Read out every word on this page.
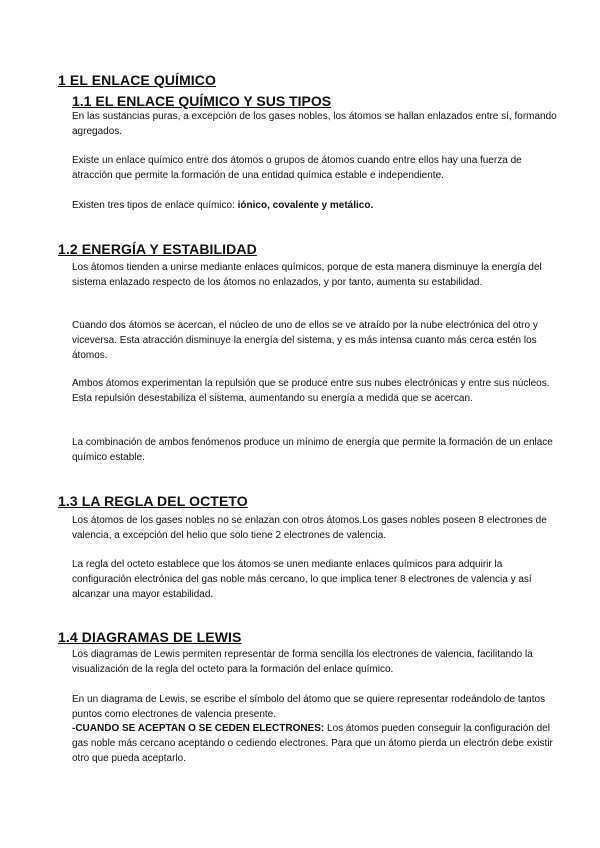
1 EL ENLACE QUÍMICO
1.1 EL ENLACE QUÍMICO Y SUS TIPOS

En las sustancias puras, a excepción de los gases nobles, los átomos se hallan enlazados entre sí, formando agregados.

Existe un enlace químico entre dos átomos o grupos de átomos cuando entre ellos hay una fuerza de atracción que permite la formación de una entidad química estable e independiente.

Existen tres tipos de enlace químico: iónico, covalente y metálico.

1.2 ENERGÍA Y ESTABILIDAD

Los átomos tienden a unirse mediante enlaces químicos, porque de esta manera disminuye la energía del sistema enlazado respecto de los átomos no enlazados, y por tanto, aumenta su estabilidad.

Cuando dos átomos se acercan, el núcleo de uno de ellos se ve atraído por la nube electrónica del otro y viceversa. Esta atracción disminuye la energía del sistema, y es más intensa cuanto más cerca estén los átomos.

Ambos átomos experimentan la repulsión que se produce entre sus nubes electrónicas y entre sus núcleos. Esta repulsión desestabiliza el sistema, aumentando su energía a medida que se acercan.

La combinación de ambos fenómenos produce un mínimo de energía que permite la formación de un enlace químico estable.

1.3 LA REGLA DEL OCTETO

Los átomos de los gases nobles no se enlazan con otros átomos.Los gases nobles poseen 8 electrones de valencia, a excepción del helio que solo tiene 2 electrones de valencia.

La regla del octeto establece que los átomos se unen mediante enlaces químicos para adquirir la configuración electrónica del gas noble más cercano, lo que implica tener 8 electrones de valencia y así alcanzar una mayor estabilidad.

1.4 DIAGRAMAS DE LEWIS

Los diagramas de Lewis permiten representar de forma sencilla los electrones de valencia, facilitando la visualización de la regla del octeto para la formación del enlace químico.

En un diagrama de Lewis, se escribe el símbolo del átomo que se quiere representar rodeándolo de tantos puntos como electrones de valencia presente.

-CUANDO SE ACEPTAN O SE CEDEN ELECTRONES: Los átomos pueden conseguir la configuración del gas noble más cercano aceptando o cediendo electrones. Para que un átomo pierda un electrón debe existir otro que pueda aceptarlo.
